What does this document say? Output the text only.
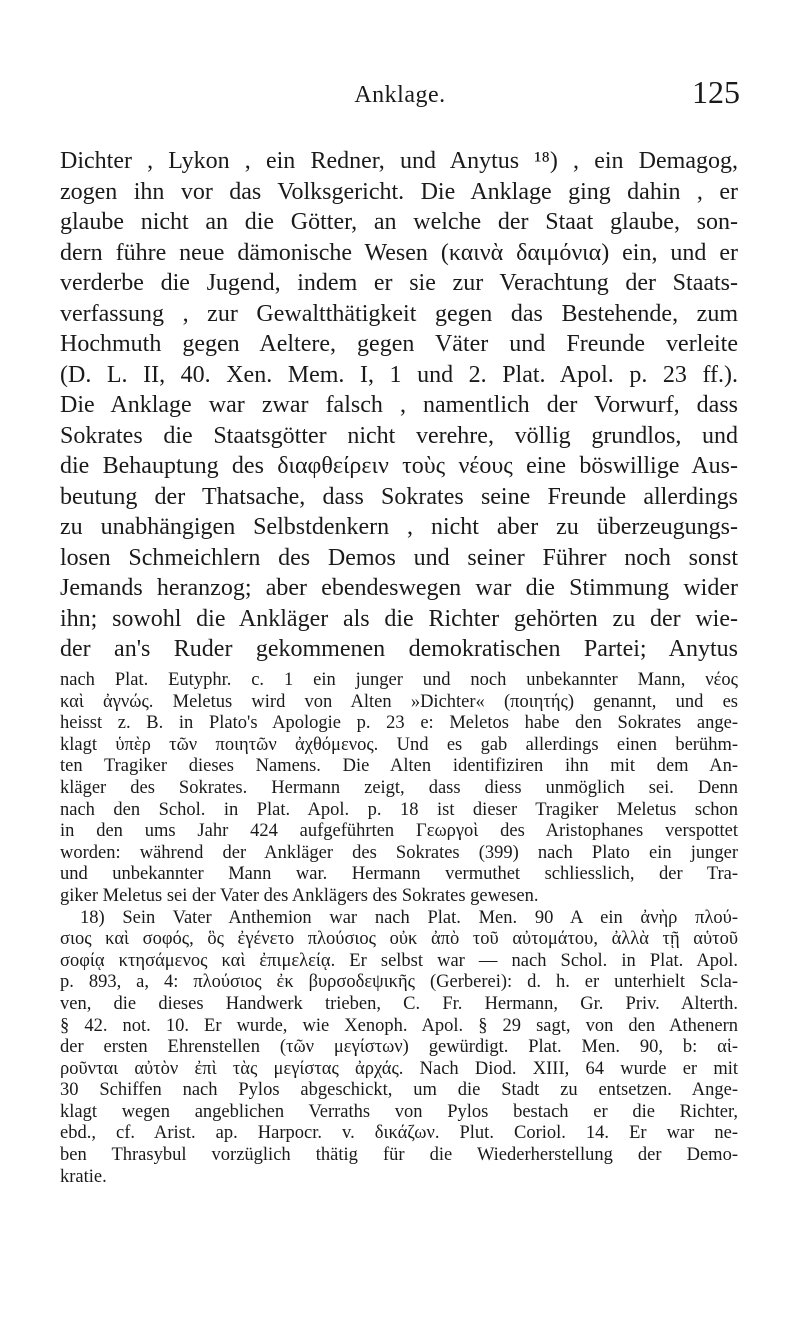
Anklage.	125
Dichter , Lykon , ein Redner, und Anytus ¹⁸) , ein Demagog,
zogen ihn vor das Volksgericht. Die Anklage ging dahin , er
glaube nicht an die Götter, an welche der Staat glaube, son-
dern führe neue dämonische Wesen (καινὰ δαιμόνια) ein, und er
verderbe die Jugend, indem er sie zur Verachtung der Staats-
verfassung , zur Gewaltthätigkeit gegen das Bestehende, zum
Hochmuth gegen Aeltere, gegen Väter und Freunde verleite
(D. L. II, 40. Xen. Mem. I, 1 und 2. Plat. Apol. p. 23 ff.).
Die Anklage war zwar falsch , namentlich der Vorwurf, dass
Sokrates die Staatsgötter nicht verehre, völlig grundlos, und
die Behauptung des διαφθείρειν τοὺς νέους eine böswillige Aus-
beutung der Thatsache, dass Sokrates seine Freunde allerdings
zu unabhängigen Selbstdenkern , nicht aber zu überzeugungs-
losen Schmeichlern des Demos und seiner Führer noch sonst
Jemands heranzog; aber ebendeswegen war die Stimmung wider
ihn; sowohl die Ankläger als die Richter gehörten zu der wie-
der an's Ruder gekommenen demokratischen Partei; Anytus
nach Plat. Eutyphr. c. 1 ein junger und noch unbekannter Mann, νέος
καὶ ἀγνώς. Meletus wird von Alten »Dichter« (ποιητής) genannt, und es
heisst z. B. in Plato's Apologie p. 23 e: Meletos habe den Sokrates ange-
klagt ὑπὲρ τῶν ποιητῶν ἀχθόμενος. Und es gab allerdings einen berühm-
ten Tragiker dieses Namens. Die Alten identifiziren ihn mit dem An-
kläger des Sokrates. Hermann zeigt, dass diess unmöglich sei. Denn
nach den Schol. in Plat. Apol. p. 18 ist dieser Tragiker Meletus schon
in den ums Jahr 424 aufgeführten Γεωργοὶ des Aristophanes verspottet
worden: während der Ankläger des Sokrates (399) nach Plato ein junger
und unbekannter Mann war. Hermann vermuthet schliesslich, der Tra-
giker Meletus sei der Vater des Anklägers des Sokrates gewesen.
18) Sein Vater Anthemion war nach Plat. Men. 90 A ein ἀνὴρ πλού-
σιος καὶ σοφός, ὃς ἐγένετο πλούσιος οὐκ ἀπὸ τοῦ αὐτομάτου, ἀλλὰ τῇ αὑτοῦ
σοφίᾳ κτησάμενος καὶ ἐπιμελείᾳ. Er selbst war — nach Schol. in Plat. Apol.
p. 893, a, 4: πλούσιος ἐκ βυρσοδεψικῆς (Gerberei): d. h. er unterhielt Scla-
ven, die dieses Handwerk trieben, C. Fr. Hermann, Gr. Priv. Alterth.
§ 42. not. 10. Er wurde, wie Xenoph. Apol. § 29 sagt, von den Athenern
der ersten Ehrenstellen (τῶν μεγίστων) gewürdigt. Plat. Men. 90, b: αἱ-
ροῦνται αὐτὸν ἐπὶ τὰς μεγίστας ἀρχάς. Nach Diod. XIII, 64 wurde er mit
30 Schiffen nach Pylos abgeschickt, um die Stadt zu entsetzen. Ange-
klagt wegen angeblichen Verraths von Pylos bestach er die Richter,
ebd., cf. Arist. ap. Harpocr. v. δικάζων. Plut. Coriol. 14. Er war ne-
ben Thrasybul vorzüglich thätig für die Wiederherstellung der Demo-
kratie.
